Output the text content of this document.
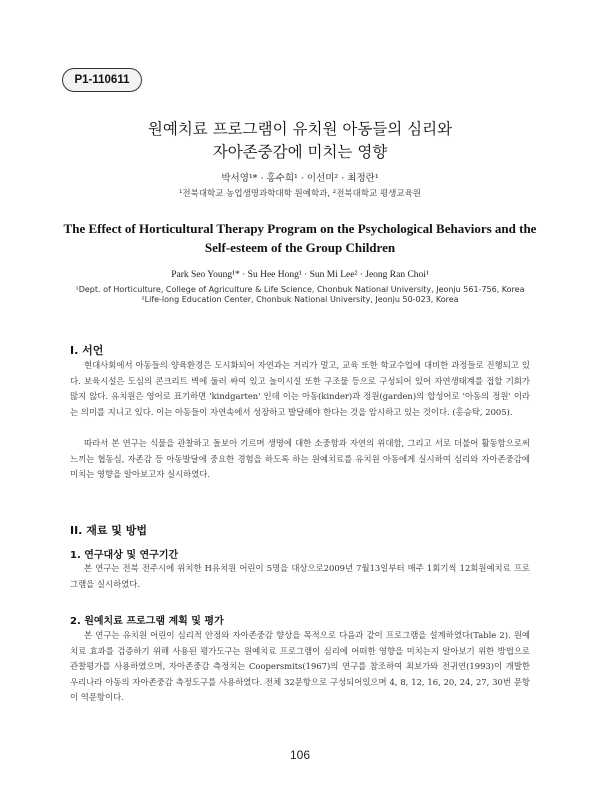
P1-110611
원예치료 프로그램이 유치원 아동들의 심리와
자아존중감에 미치는 영향
박서영¹* · 홍수희¹ · 이선미² · 최정란¹
¹전북대학교 농업생명과학대학 원예학과, ²전북대학교 평생교육원
The Effect of Horticultural Therapy Program on the Psychological Behaviors and the
Self-esteem of the Group Children
Park Seo Young¹* · Su Hee Hong¹ · Sun Mi Lee² · Jeong Ran Choi¹
¹Dept. of Horticulture, College of Agriculture & Life Science, Chonbuk National University, Jeonju 561-756, Korea
²Life-long Education Center, Chonbuk National University, Jeonju 50-023, Korea
I. 서언

현대사회에서 아동들의 양육환경은 도시화되어 자연과는 거리가 멀고, 교육 또한 학교수업에 대비한 과정들로 진행되고 있다. 보육시설은 도심의 콘크리트 벽에 둘러 싸여 있고 놀이시설 또한 구조물 등으로 구성되어 있어 자연생태계를 접할 기회가 많지 않다. 유치원은 영어로 표기하면 'kindgarten' 인데 이는 아동(kinder)과 정원(garden)의 합성어로 '아동의 정원' 이라는 의미를 지니고 있다. 이는 아동들이 자연속에서 성장하고 발달해야 한다는 것을 암시하고 있는 것이다. (홍승탁, 2005).

따라서 본 연구는 식물을 관찰하고 돌보아 기르며 생명에 대한 소중함과 자연의 위대함, 그리고 서로 더불어 활동함으로써 느끼는 협동심, 자존감 등 아동발달에 중요한 경험을 하도록 하는 원예치료를 유치원 아동에게 실시하여 심리와 자아존중감에 미치는 영향을 알아보고자 실시하였다.

II. 재료 및 방법
1. 연구대상 및 연구기간

본 연구는 전북 전주시에 위치한 H유치원 어린이 5명을 대상으로2009년 7월13일부터 매주 1회기씩 12회원예치료 프로그램을 실시하였다.

2. 원예치료 프로그램 계획 및 평가

본 연구는 유치원 어린이 심리적 안정와 자아존중감 향상을 목적으로 다음과 같이 프로그램을 설계하였다(Table 2). 원예치료 효과를 검증하기 위해 사용된 평가도구는 원예치료 프로그램이 심리에 어떠한 영향을 미치는지 알아보기 위한 방법으로 관찰평가를 사용하였으며, 자아존중감 측정치는 Coopersmits(1967)의 연구를 참조하여 최보가와 전귀연(1993)이 개발한 우리나라 아동의 자아존중감 측정도구를 사용하였다. 전체 32문항으로 구성되어있으며 4, 8, 12, 16, 20, 24, 27, 30번 문항이 역문항이다.

106
